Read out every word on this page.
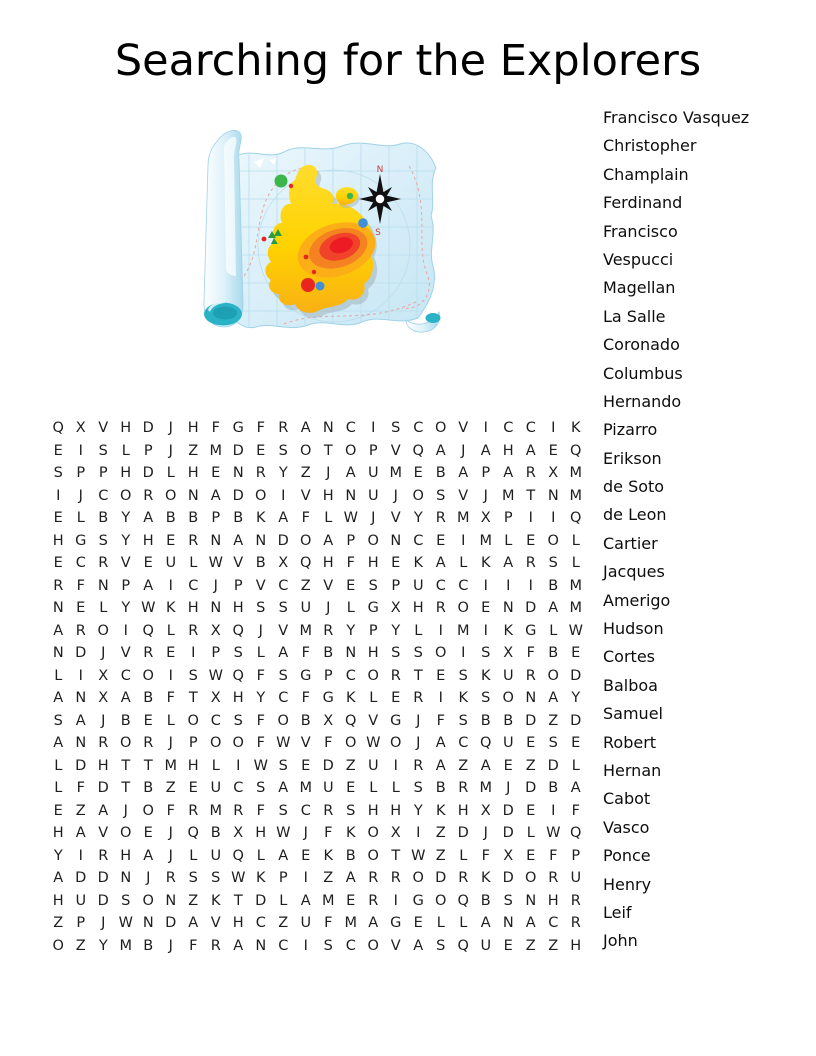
Searching for the Explorers
N
S
Francisco Vasquez
Christopher
Champlain
Ferdinand
Francisco
Vespucci
Magellan
La Salle
Coronado
Columbus
Hernando
Pizarro
Erikson
de Soto
de Leon
Cartier
Jacques
Amerigo
Hudson
Cortes
Balboa
Samuel
Robert
Hernan
Cabot
Vasco
Ponce
Henry
Leif
John
Q X V H D	J	H F G F R A N C	I	S C O V	I	C C	I	K
E	I	S L P	J	Z M D E S O T O P V Q A	J	A H A E Q
S P P H D L H E N R Y Z	J	A U M E B A P A R X M
I	J	C O R O N A D O	I	V H N U	J	O S V	J M T N M
E L B Y A B B P B K A F L W J	V Y R M X P	I	I	Q
H G S Y H E R N A N D O A P O N C E	I M L E O L
E C R V E U L W V B X Q H F H E K A L K A R S L
R F N P A	I	C	J	P V C Z V E S P U C C	I	I	I	B M
N E L Y W K H N H S S U	J	L G X H R O E N D A M
A R O	I	Q L R X Q	J	V M R Y P Y L	I M I	K G L W
N D	J	V R E	I	P S L A F B N H S S O	I	S X F B E
L	I	X C O	I	S W Q F S G P C O R T E S K U R O D
A N X A B F T X H Y C F G K L E R	I	K S O N A Y
S A	J	B E L O C S F O B X Q V G	J	F S B B D Z D
A N R O R	J	P O O F W V F O W O	J	A C Q U E S E
L D H T T M H L	I W S E D Z U	I	R A Z A E Z D L
L F D T B Z E U C S A M U E L L S B R M J	D B A
E Z A	J	O F R M R F S C R S H H Y K H X D E	I	F
H A V O E	J	Q B X H W J	F K O X	I	Z D	J	D L W Q
Y	I	R H A	J	L U Q L A E K B O T W Z L F X E F P
A D D N	J	R S S W K P	I	Z A R R O D R K D O R U
H U D S O N Z K T D L A M E R	I	G O Q B S N H R
Z P	J W N D A V H C Z U F M A G E L L A N A C R
O Z Y M B	J	F R A N C	I	S C O V A S Q U E Z Z H
